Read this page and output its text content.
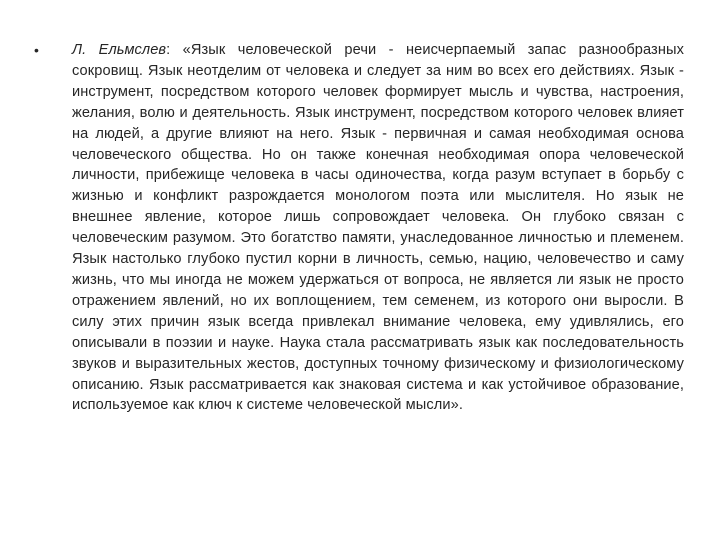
•	Л. Ельмслев: «Язык человеческой речи - неисчерпаемый запас разнообразных сокровищ. Язык неотделим от человека и следует за ним во всех его действиях. Язык - инструмент, посредством которого человек формирует мысль и чувства, настроения, желания, волю и деятельность. Язык инструмент, посредством которого человек влияет на людей, а другие влияют на него. Язык - первичная и самая необходимая основа человеческого общества. Но он также конечная необходимая опора человеческой личности, прибежище человека в часы одиночества, когда разум вступает в борьбу с жизнью и конфликт разрождается монологом поэта или мыслителя. Но язык не внешнее явление, которое лишь сопровождает человека. Он глубоко связан с человеческим разумом. Это богатство памяти, унаследованное личностью и племенем. Язык настолько глубоко пустил корни в личность, семью, нацию, человечество и саму жизнь, что мы иногда не можем удержаться от вопроса, не является ли язык не просто отражением явлений, но их воплощением, тем семенем, из которого они выросли. В силу этих причин язык всегда привлекал внимание человека, ему удивлялись, его описывали в поэзии и науке. Наука стала рассматривать язык как последовательность звуков и выразительных жестов, доступных точному физическому и физиологическому описанию. Язык рассматривается как знаковая система и как устойчивое образование, используемое как ключ к системе человеческой мысли».
